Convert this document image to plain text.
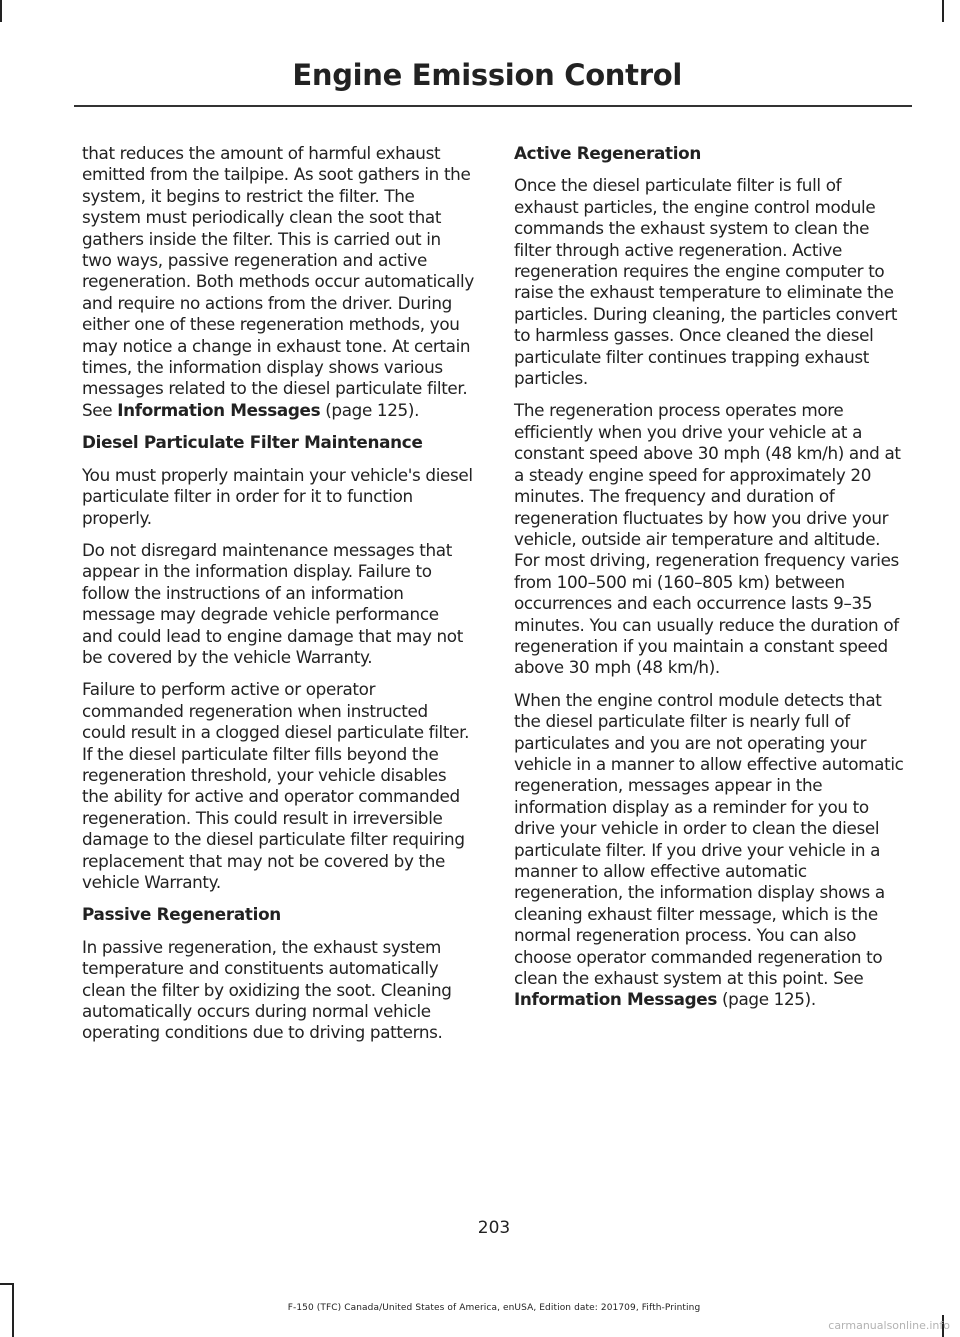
Engine Emission Control

that reduces the amount of harmful exhaust emitted from the tailpipe. As soot gathers in the system, it begins to restrict the filter. The system must periodically clean the soot that gathers inside the filter. This is carried out in two ways, passive regeneration and active regeneration. Both methods occur automatically and require no actions from the driver. During either one of these regeneration methods, you may notice a change in exhaust tone. At certain times, the information display shows various messages related to the diesel particulate filter. See Information Messages (page 125).

Diesel Particulate Filter Maintenance

You must properly maintain your vehicle's diesel particulate filter in order for it to function properly.

Do not disregard maintenance messages that appear in the information display. Failure to follow the instructions of an information message may degrade vehicle performance and could lead to engine damage that may not be covered by the vehicle Warranty.

Failure to perform active or operator commanded regeneration when instructed could result in a clogged diesel particulate filter. If the diesel particulate filter fills beyond the regeneration threshold, your vehicle disables the ability for active and operator commanded regeneration. This could result in irreversible damage to the diesel particulate filter requiring replacement that may not be covered by the vehicle Warranty.

Passive Regeneration

In passive regeneration, the exhaust system temperature and constituents automatically clean the filter by oxidizing the soot. Cleaning automatically occurs during normal vehicle operating conditions due to driving patterns.

Active Regeneration

Once the diesel particulate filter is full of exhaust particles, the engine control module commands the exhaust system to clean the filter through active regeneration. Active regeneration requires the engine computer to raise the exhaust temperature to eliminate the particles. During cleaning, the particles convert to harmless gasses. Once cleaned the diesel particulate filter continues trapping exhaust particles.

The regeneration process operates more efficiently when you drive your vehicle at a constant speed above 30 mph (48 km/h) and at a steady engine speed for approximately 20 minutes. The frequency and duration of regeneration fluctuates by how you drive your vehicle, outside air temperature and altitude. For most driving, regeneration frequency varies from 100–500 mi (160–805 km) between occurrences and each occurrence lasts 9–35 minutes. You can usually reduce the duration of regeneration if you maintain a constant speed above 30 mph (48 km/h).

When the engine control module detects that the diesel particulate filter is nearly full of particulates and you are not operating your vehicle in a manner to allow effective automatic regeneration, messages appear in the information display as a reminder for you to drive your vehicle in order to clean the diesel particulate filter. If you drive your vehicle in a manner to allow effective automatic regeneration, the information display shows a cleaning exhaust filter message, which is the normal regeneration process. You can also choose operator commanded regeneration to clean the exhaust system at this point. See Information Messages (page 125).

203
F-150 (TFC) Canada/United States of America, enUSA, Edition date: 201709, Fifth-Printing
carmanualsonline.info
